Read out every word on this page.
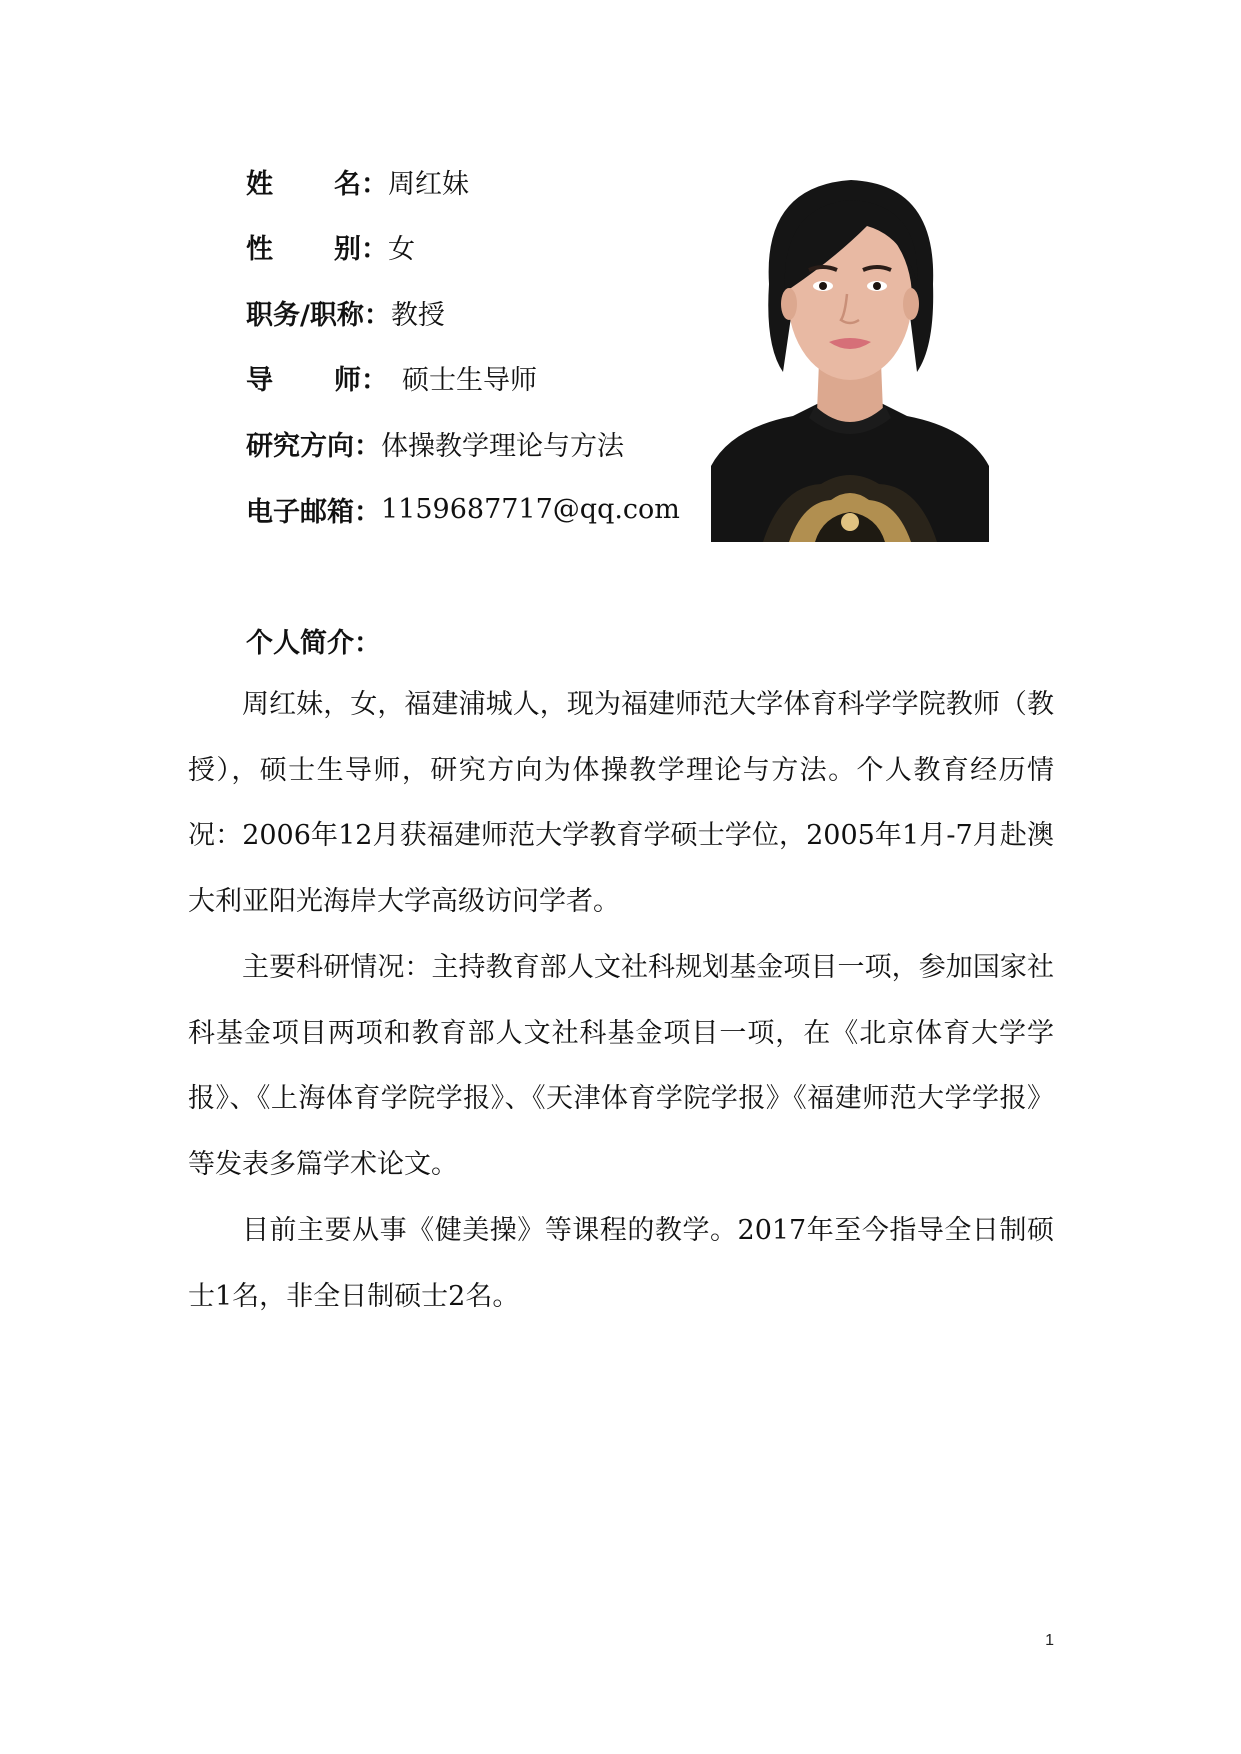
姓 名： 周红妹
性 别： 女
职务/职称： 教授
导 师： 硕士生导师
研究方向： 体操教学理论与方法
电子邮箱： 1159687717@qq.com
个人简介：

周红妹，女，福建浦城人，现为福建师范大学体育科学学院教师（教授），硕士生导师，研究方向为体操教学理论与方法。个人教育经历情况：2006年12月获福建师范大学教育学硕士学位，2005年1月-7月赴澳大利亚阳光海岸大学高级访问学者。

主要科研情况：主持教育部人文社科规划基金项目一项，参加国家社科基金项目两项和教育部人文社科基金项目一项，在《北京体育大学学报》、《上海体育学院学报》、《天津体育学院学报》《福建师范大学学报》等发表多篇学术论文。

目前主要从事《健美操》等课程的教学。2017年至今指导全日制硕士1名，非全日制硕士2名。

1
